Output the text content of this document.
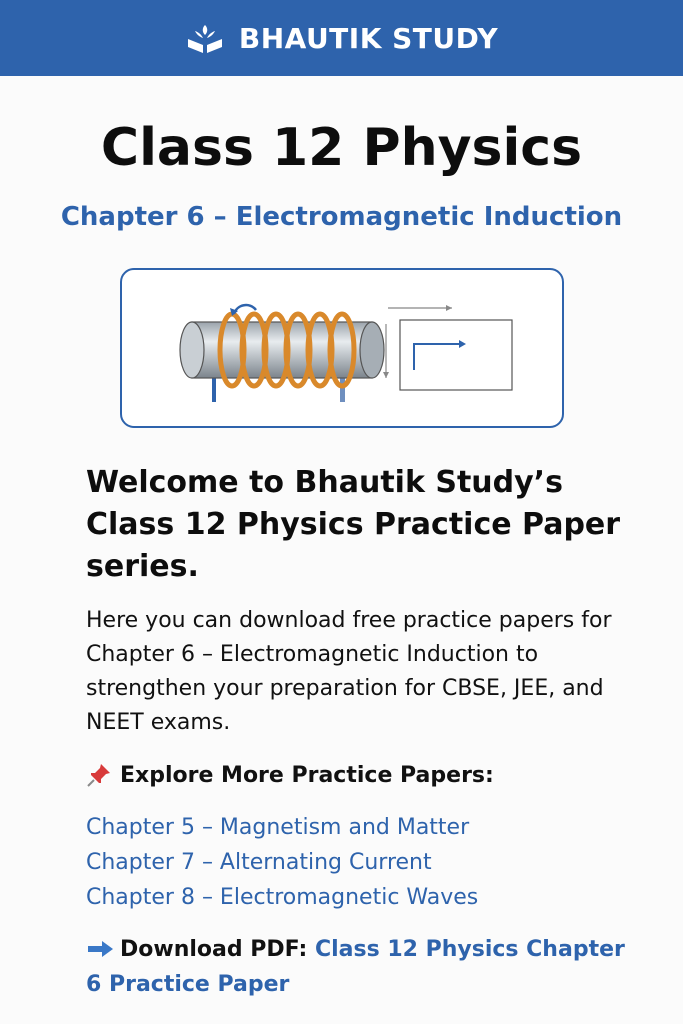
BHAUTIK STUDY
Class 12 Physics
Chapter 6 – Electromagnetic Induction

Welcome to Bhautik Study’s Class 12 Physics Practice Paper series.

Here you can download free practice papers for Chapter 6 – Electromagnetic Induction to strengthen your preparation for CBSE, JEE, and NEET exams.

Explore More Practice Papers:
Chapter 5 – Magnetism and Matter
Chapter 7 – Alternating Current
Chapter 8 – Electromagnetic Waves
Download PDF: Class 12 Physics Chapter 6 Practice Paper
